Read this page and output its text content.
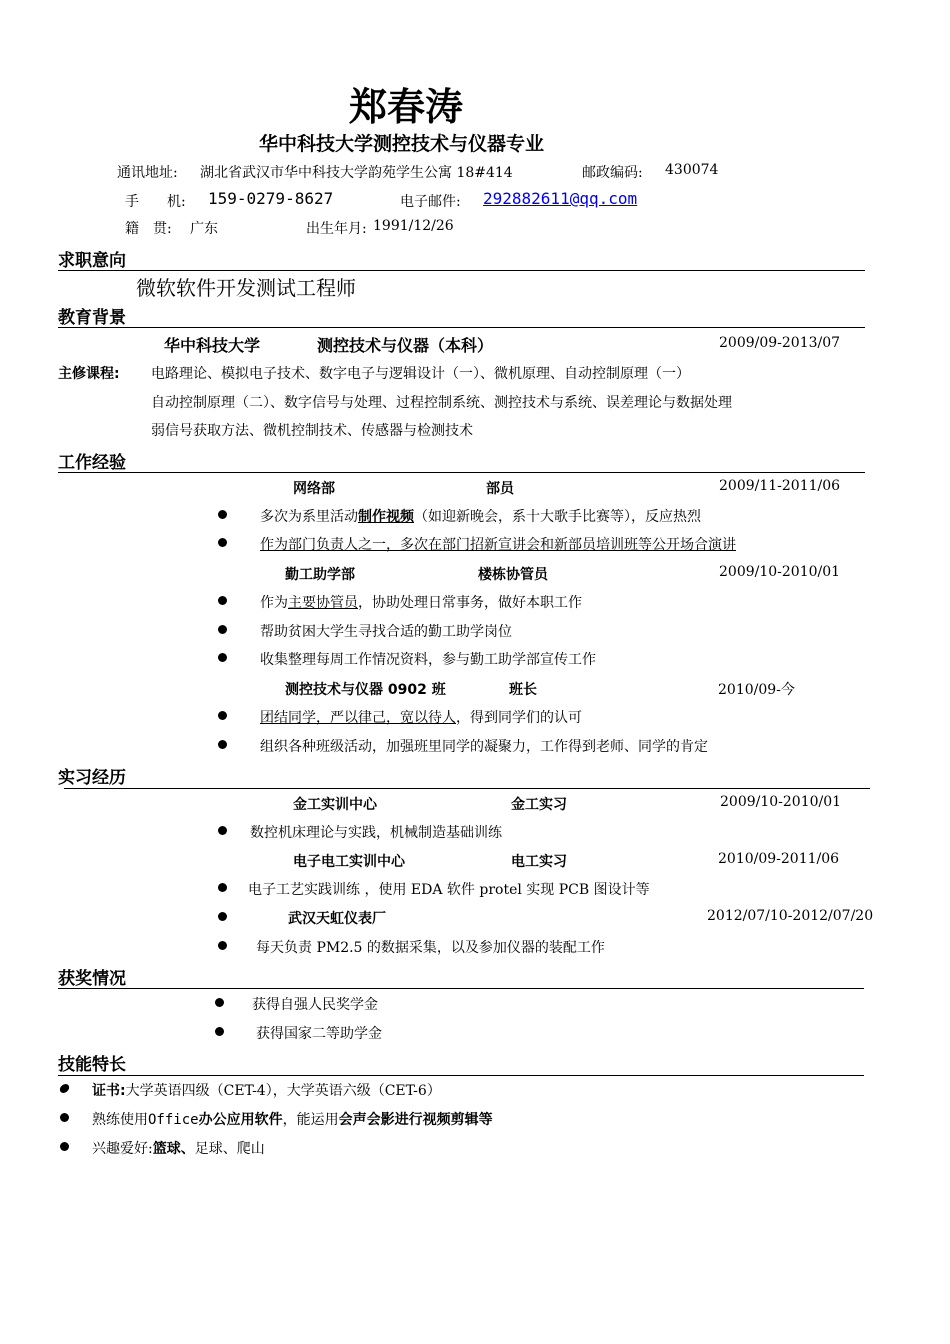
郑春涛
华中科技大学测控技术与仪器专业
通讯地址: 湖北省武汉市华中科技大学韵苑学生公寓 18#414	邮政编码: 430074
手　　机: 159-0279-8627	电子邮件: 292882611@qq.com
籍　贯: 广东	出生年月: 1991/12/26
求职意向
微软软件开发测试工程师
教育背景
华中科技大学	测控技术与仪器（本科）	2009/09-2013/07
主修课程: 电路理论、模拟电子技术、数字电子与逻辑设计（一）、微机原理、自动控制原理（一）
自动控制原理（二）、数字信号与处理、过程控制系统、测控技术与系统、误差理论与数据处理
弱信号获取方法、微机控制技术、传感器与检测技术
工作经验
网络部	部员	2009/11-2011/06
多次为系里活动制作视频（如迎新晚会，系十大歌手比赛等），反应热烈
作为部门负责人之一，多次在部门招新宣讲会和新部员培训班等公开场合演讲
勤工助学部	楼栋协管员	2009/10-2010/01
作为主要协管员，协助处理日常事务，做好本职工作
帮助贫困大学生寻找合适的勤工助学岗位
收集整理每周工作情况资料，参与勤工助学部宣传工作
测控技术与仪器 0902 班	班长	2010/09-今
团结同学，严以律己，宽以待人，得到同学们的认可
组织各种班级活动，加强班里同学的凝聚力，工作得到老师、同学的肯定
实习经历
金工实训中心	金工实习	2009/10-2010/01
数控机床理论与实践，机械制造基础训练
电子电工实训中心	电工实习	2010/09-2011/06
电子工艺实践训练 ，使用 EDA 软件 protel 实现 PCB 图设计等
武汉天虹仪表厂	2012/07/10-2012/07/20
每天负责 PM2.5 的数据采集，以及参加仪器的装配工作
获奖情况
获得自强人民奖学金
获得国家二等助学金
技能特长
证书:大学英语四级（CET-4），大学英语六级（CET-6）
熟练使用Office办公应用软件，能运用会声会影进行视频剪辑等
兴趣爱好:篮球、足球、爬山
